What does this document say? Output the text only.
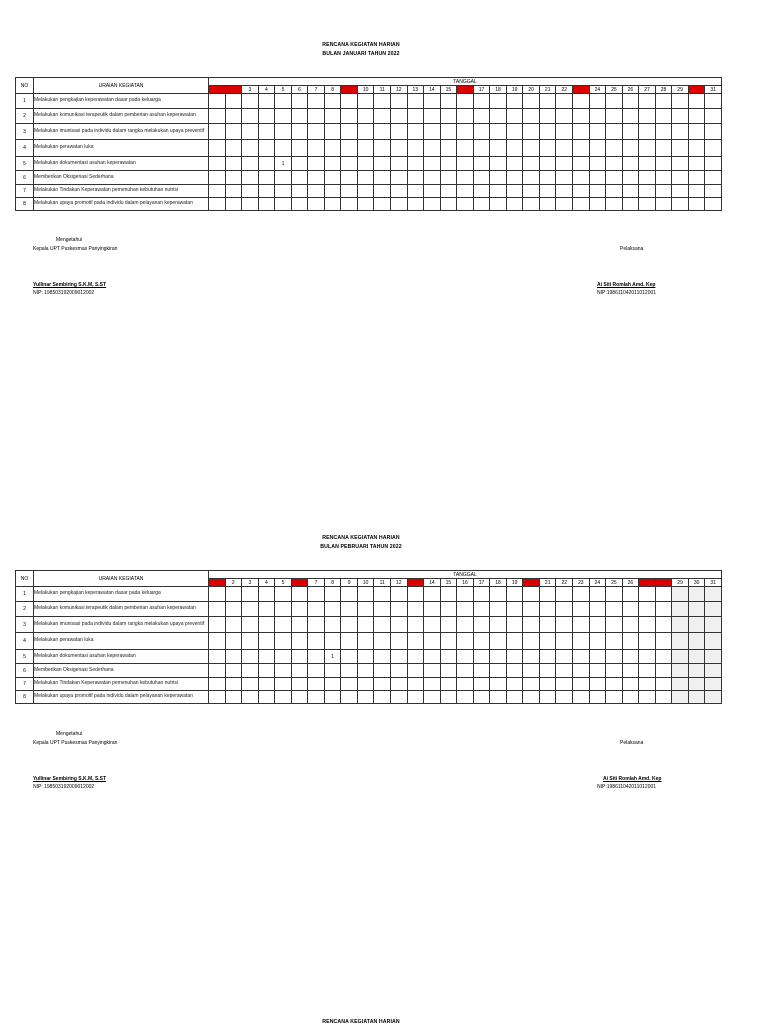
RENCANA KEGIATAN HARIAN
BULAN JANUARI TAHUN 2022
NO	URAIAN KEGIATAN	TANGGAL																														
		1	2	3	4	5	6	7	8	9	10	11	12	13	14	15	16	17	18	19	20	21	22	23	24	25	26	27	28	29	30	31
1	Melakukan pengkajian keperawatan dasar pada keluarga																															
2	Melakukan komunikasi terapeutik dalam pemberian asuhan keperawatan																															
3	Melakukan imunisasi pada individu dalam rangka melakukan upaya preventif																															
4	Melakukan perawatan luka																															
5	Melakukan dokumentasi asuhan keperawatan					1																										
6	Memberikan Oksigenasi Sederhana																															
7	Melakukan Tindakan Keperawatan pemenuhan kebutuhan nutrisi																															
8	Melakukan upaya promotif pada individu dalam pelayanan keperawatan																															
Mengetahui
Kepala UPT Puskesmas Panyingkiran	Pelaksana
Yullinar Sembiring S.K.M, S.ST
NIP: 198503192009012002
Ai Siti Romlah Amd. Kep
NIP:198611042011012001
RENCANA KEGIATAN HARIAN
BULAN PEBRUARI TAHUN 2022
NO	URAIAN KEGIATAN	TANGGAL																														
		1	2	3	4	5	6	7	8	9	10	11	12	13	14	15	16	17	18	19	20	21	22	23	24	25	26	27	28	29	30	31
1	Melakukan pengkajian keperawatan dasar pada keluarga																															
2	Melakukan komunikasi terapeutik dalam pemberian asuhan keperawatan																															
3	Melakukan imunisasi pada individu dalam rangka melakukan upaya preventif																															
4	Melakukan perawatan luka																															
5	Melakukan dokumentasi asuhan keperawatan								1																							
6	Memberikan Oksigenasi Sederhana																															
7	Melakukan Tindakan Keperawatan pemenuhan kebutuhan nutrisi																															
8	Melakukan upaya promotif pada individu dalam pelayanan keperawatan																															
Mengetahui
Kepala UPT Puskesmas Panyingkiran	Pelaksana
Yullinar Sembiring S.K.M, S.ST
NIP: 198503192009012002
Ai Siti Romlah Amd. Kep
NIP:198611042011012001
RENCANA KEGIATAN HARIAN
